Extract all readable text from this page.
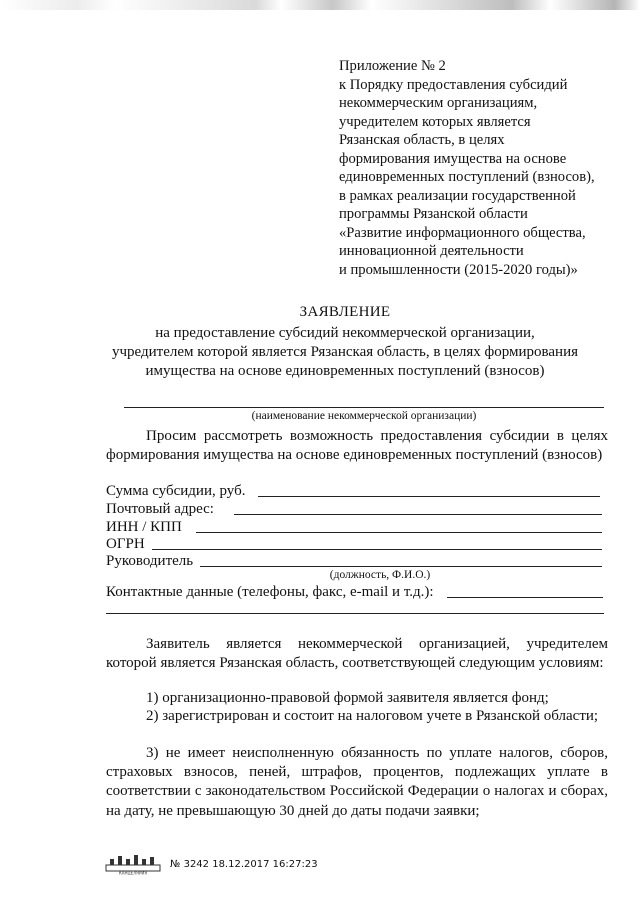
Приложение № 2
к Порядку предоставления субсидий
некоммерческим организациям,
учредителем которых является
Рязанская область, в целях
формирования имущества на основе
единовременных поступлений (взносов),
в рамках реализации государственной
программы Рязанской области
«Развитие информационного общества,
инновационной деятельности
и промышленности (2015-2020 годы)»
ЗАЯВЛЕНИЕ
на предоставление субсидий некоммерческой организации,
учредителем которой является Рязанская область, в целях формирования
имущества на основе единовременных поступлений (взносов)
(наименование некоммерческой организации)
Просим рассмотреть возможность предоставления субсидии в целях формирования имущества на основе единовременных поступлений (взносов)
Сумма субсидии, руб.
Почтовый адрес:
ИНН / КПП
ОГРН
Руководитель
(должность, Ф.И.О.)
Контактные данные (телефоны, факс, e-mail и т.д.):
Заявитель является некоммерческой организацией, учредителем которой является Рязанская область, соответствующей следующим условиям:
1) организационно-правовой формой заявителя является фонд;
2) зарегистрирован и состоит на налоговом учете в Рязанской области;
3) не имеет неисполненную обязанность по уплате налогов, сборов, страховых взносов, пеней, штрафов, процентов, подлежащих уплате в соответствии с законодательством Российской Федерации о налогах и сборах, на дату, не превышающую 30 дней до даты подачи заявки;
КАНЦЕЛЯРИЯ
№ 3242 18.12.2017 16:27:23
